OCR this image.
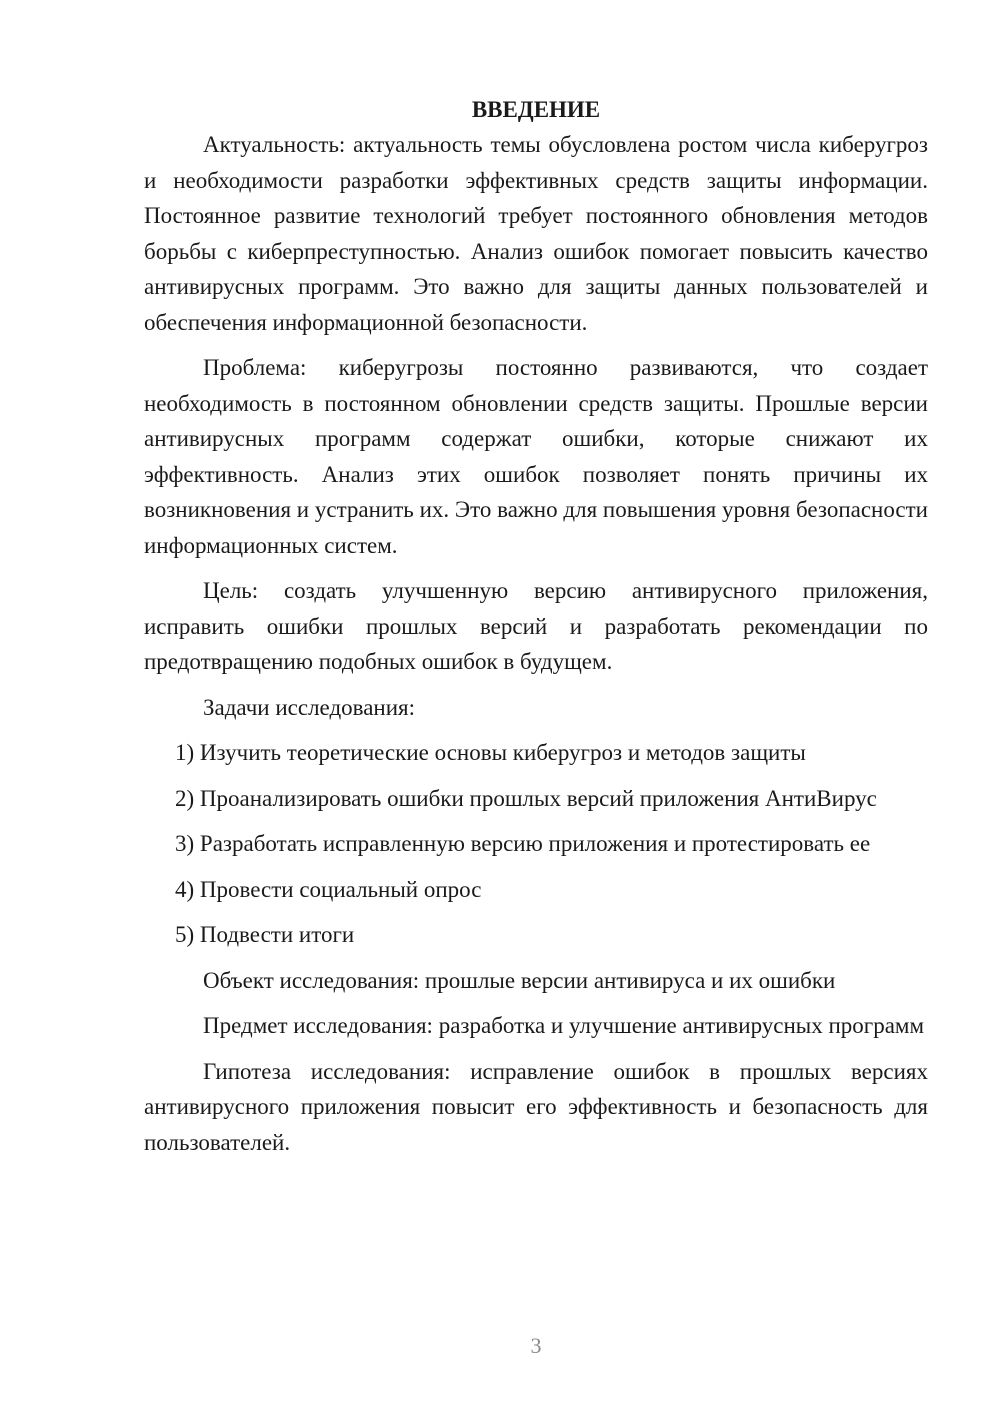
ВВЕДЕНИЕ

Актуальность: актуальность темы обусловлена ростом числа киберугроз и необходимости разработки эффективных средств защиты информации. Постоянное развитие технологий требует постоянного обновления методов борьбы с киберпреступностью. Анализ ошибок помогает повысить качество антивирусных программ. Это важно для защиты данных пользователей и обеспечения информационной безопасности.

Проблема: киберугрозы постоянно развиваются, что создает необходимость в постоянном обновлении средств защиты. Прошлые версии антивирусных программ содержат ошибки, которые снижают их эффективность. Анализ этих ошибок позволяет понять причины их возникновения и устранить их. Это важно для повышения уровня безопасности информационных систем.

Цель: создать улучшенную версию антивирусного приложения, исправить ошибки прошлых версий и разработать рекомендации по предотвращению подобных ошибок в будущем.

Задачи исследования:

1) Изучить теоретические основы киберугроз и методов защиты

2) Проанализировать ошибки прошлых версий приложения АнтиВирус

3) Разработать исправленную версию приложения и протестировать ее

4) Провести социальный опрос

5) Подвести итоги

Объект исследования: прошлые версии антивируса и их ошибки

Предмет исследования: разработка и улучшение антивирусных программ

Гипотеза исследования: исправление ошибок в прошлых версиях антивирусного приложения повысит его эффективность и безопасность для пользователей.

3
